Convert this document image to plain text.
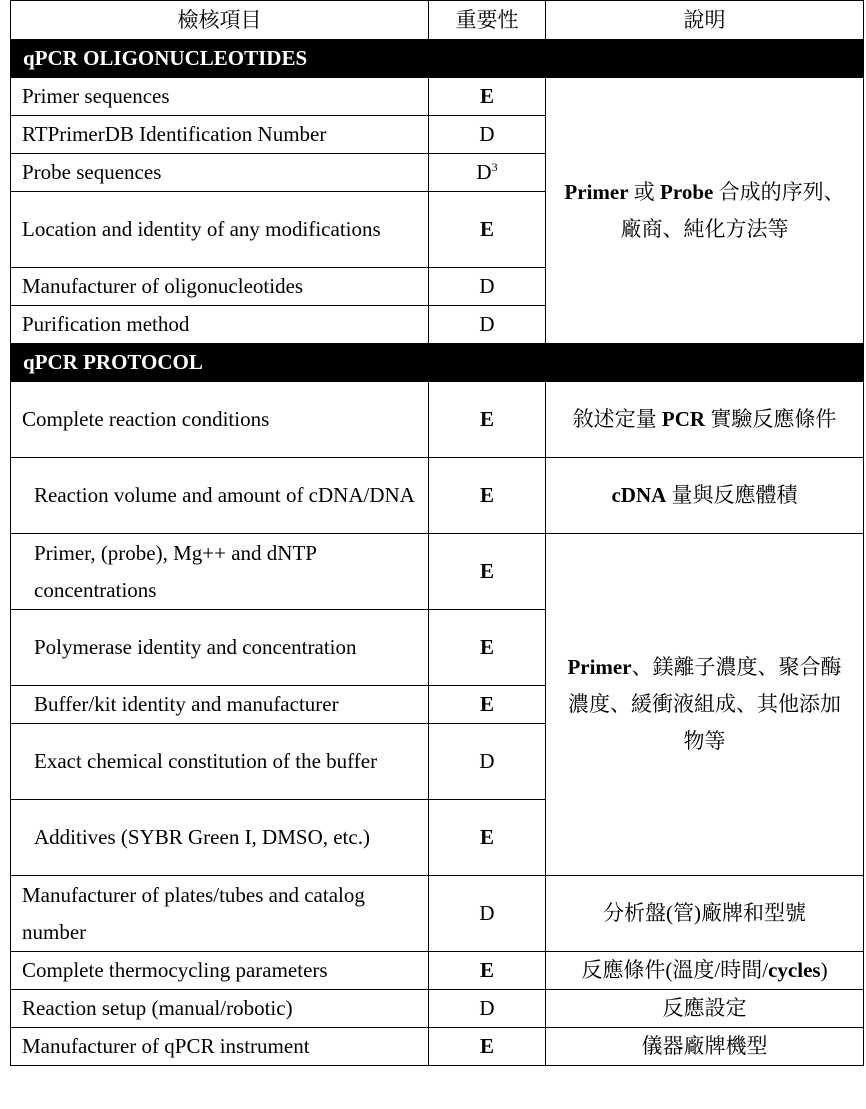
檢核項目	重要性	說明
qPCR OLIGONUCLEOTIDES		
Primer sequences	E	Primer 或 Probe 合成的序列、廠商、純化方法等
RTPrimerDB Identification Number	D	
Probe sequences	$D^3$
Location and identity of any modifications	E	
Manufacturer of oligonucleotides	D	
Purification method	D	
qPCR PROTOCOL		
Complete reaction conditions	E	敘述定量 PCR 實驗反應條件
Reaction volume and amount of cDNA/DNA	E	cDNA 量與反應體積
Primer, (probe), Mg++ and dNTP concentrations	E	Primer、鎂離子濃度、聚合酶濃度、緩衝液組成、其他添加物等
Polymerase identity and concentration	E	
Buffer/kit identity and manufacturer	E	
Exact chemical constitution of the buffer	D	
Additives (SYBR Green I, DMSO, etc.)	E	
Manufacturer of plates/tubes and catalog number	D	分析盤(管)廠牌和型號
Complete thermocycling parameters	E	反應條件(溫度/時間/cycles)
Reaction setup (manual/robotic)	D	反應設定
Manufacturer of qPCR instrument	E	儀器廠牌機型
